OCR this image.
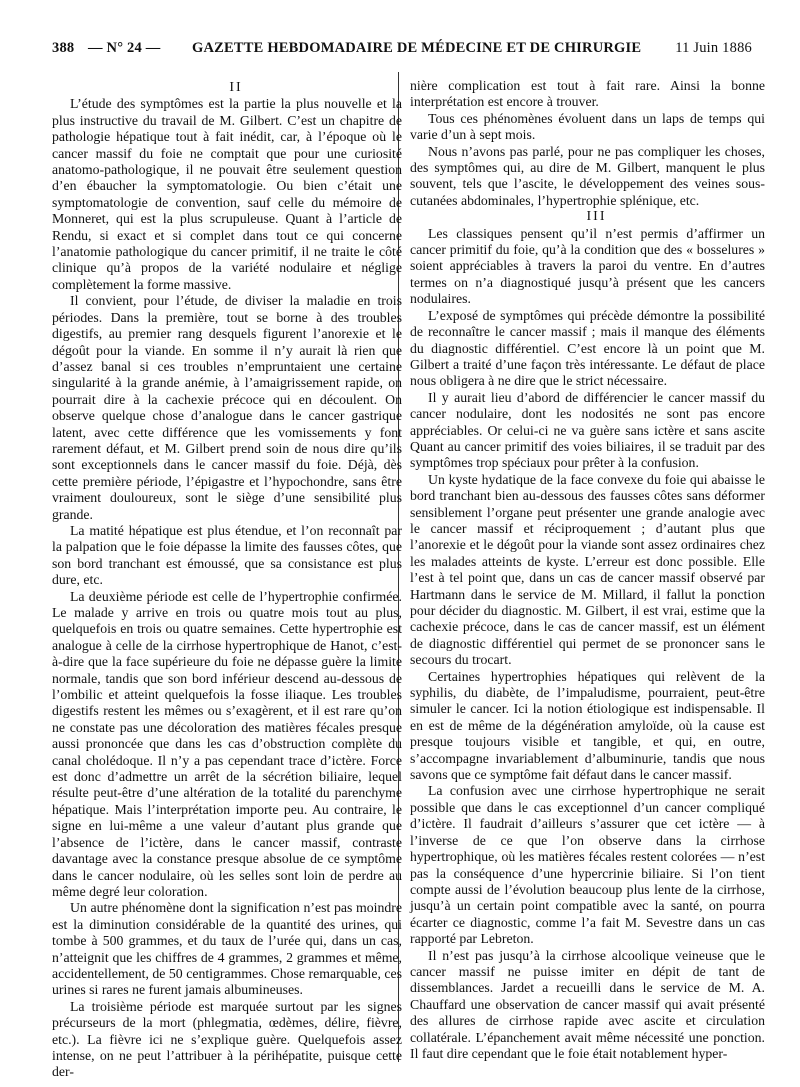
388 — N° 24 — GAZETTE HEBDOMADAIRE DE MÉDECINE ET DE CHIRURGIE 11 Juin 1886

II

L’étude des symptômes est la partie la plus nouvelle et la plus instructive du travail de M. Gilbert. C’est un chapitre de pathologie hépatique tout à fait inédit, car, à l’époque où le cancer massif du foie ne comptait que pour une curiosité anatomo-pathologique, il ne pouvait être seulement question d’en ébaucher la symptomatologie. Ou bien c’était une symptomatologie de convention, sauf celle du mémoire de Monneret, qui est la plus scrupuleuse. Quant à l’article de Rendu, si exact et si complet dans tout ce qui concerne l’anatomie pathologique du cancer primitif, il ne traite le côté clinique qu’à propos de la variété nodulaire et néglige complètement la forme massive.

Il convient, pour l’étude, de diviser la maladie en trois périodes. Dans la première, tout se borne à des troubles digestifs, au premier rang desquels figurent l’anorexie et le dégoût pour la viande. En somme il n’y aurait là rien que d’assez banal si ces troubles n’empruntaient une certaine singularité à la grande anémie, à l’amaigrissement rapide, on pourrait dire à la cachexie précoce qui en découlent. On observe quelque chose d’analogue dans le cancer gastrique latent, avec cette différence que les vomissements y font rarement défaut, et M. Gilbert prend soin de nous dire qu’ils sont exceptionnels dans le cancer massif du foie. Déjà, dès cette première période, l’épigastre et l’hypochondre, sans être vraiment douloureux, sont le siège d’une sensibilité plus grande.

La matité hépatique est plus étendue, et l’on reconnaît par la palpation que le foie dépasse la limite des fausses côtes, que son bord tranchant est émoussé, que sa consistance est plus dure, etc.

La deuxième période est celle de l’hypertrophie confirmée. Le malade y arrive en trois ou quatre mois tout au plus, quelquefois en trois ou quatre semaines. Cette hypertrophie est analogue à celle de la cirrhose hypertrophique de Hanot, c’est-à-dire que la face supérieure du foie ne dépasse guère la limite normale, tandis que son bord inférieur descend au-dessous de l’ombilic et atteint quelquefois la fosse iliaque. Les troubles digestifs restent les mêmes ou s’exagèrent, et il est rare qu’on ne constate pas une décoloration des matières fécales presque aussi prononcée que dans les cas d’obstruction complète du canal cholédoque. Il n’y a pas cependant trace d’ictère. Force est donc d’admettre un arrêt de la sécrétion biliaire, lequel résulte peut-être d’une altération de la totalité du parenchyme hépatique. Mais l’interprétation importe peu. Au contraire, le signe en lui-même a une valeur d’autant plus grande que l’absence de l’ictère, dans le cancer massif, contraste davantage avec la constance presque absolue de ce symptôme dans le cancer nodulaire, où les selles sont loin de perdre au même degré leur coloration.

Un autre phénomène dont la signification n’est pas moindre est la diminution considérable de la quantité des urines, qui tombe à 500 grammes, et du taux de l’urée qui, dans un cas, n’atteignit que les chiffres de 4 grammes, 2 grammes et même, accidentellement, de 50 centigrammes. Chose remarquable, ces urines si rares ne furent jamais albumineuses.

La troisième période est marquée surtout par les signes précurseurs de la mort (phlegmatia, œdèmes, délire, fièvre, etc.). La fièvre ici ne s’explique guère. Quelquefois assez intense, on ne peut l’attribuer à la périhépatite, puisque cette der-

nière complication est tout à fait rare. Ainsi la bonne interprétation est encore à trouver.

Tous ces phénomènes évoluent dans un laps de temps qui varie d’un à sept mois.

Nous n’avons pas parlé, pour ne pas compliquer les choses, des symptômes qui, au dire de M. Gilbert, manquent le plus souvent, tels que l’ascite, le développement des veines sous-cutanées abdominales, l’hypertrophie splénique, etc.

III

Les classiques pensent qu’il n’est permis d’affirmer un cancer primitif du foie, qu’à la condition que des « bosselures » soient appréciables à travers la paroi du ventre. En d’autres termes on n’a diagnostiqué jusqu’à présent que les cancers nodulaires.

L’exposé de symptômes qui précède démontre la possibilité de reconnaître le cancer massif ; mais il manque des éléments du diagnostic différentiel. C’est encore là un point que M. Gilbert a traité d’une façon très intéressante. Le défaut de place nous obligera à ne dire que le strict nécessaire.

Il y aurait lieu d’abord de différencier le cancer massif du cancer nodulaire, dont les nodosités ne sont pas encore appréciables. Or celui-ci ne va guère sans ictère et sans ascite Quant au cancer primitif des voies biliaires, il se traduit par des symptômes trop spéciaux pour prêter à la confusion.

Un kyste hydatique de la face convexe du foie qui abaisse le bord tranchant bien au-dessous des fausses côtes sans déformer sensiblement l’organe peut présenter une grande analogie avec le cancer massif et réciproquement ; d’autant plus que l’anorexie et le dégoût pour la viande sont assez ordinaires chez les malades atteints de kyste. L’erreur est donc possible. Elle l’est à tel point que, dans un cas de cancer massif observé par Hartmann dans le service de M. Millard, il fallut la ponction pour décider du diagnostic. M. Gilbert, il est vrai, estime que la cachexie précoce, dans le cas de cancer massif, est un élément de diagnostic différentiel qui permet de se prononcer sans le secours du trocart.

Certaines hypertrophies hépatiques qui relèvent de la syphilis, du diabète, de l’impaludisme, pourraient, peut-être simuler le cancer. Ici la notion étiologique est indispensable. Il en est de même de la dégénération amyloïde, où la cause est presque toujours visible et tangible, et qui, en outre, s’accompagne invariablement d’albuminurie, tandis que nous savons que ce symptôme fait défaut dans le cancer massif.

La confusion avec une cirrhose hypertrophique ne serait possible que dans le cas exceptionnel d’un cancer compliqué d’ictère. Il faudrait d’ailleurs s’assurer que cet ictère — à l’inverse de ce que l’on observe dans la cirrhose hypertrophique, où les matières fécales restent colorées — n’est pas la conséquence d’une hypercrinie biliaire. Si l’on tient compte aussi de l’évolution beaucoup plus lente de la cirrhose, jusqu’à un certain point compatible avec la santé, on pourra écarter ce diagnostic, comme l’a fait M. Sevestre dans un cas rapporté par Lebreton.

Il n’est pas jusqu’à la cirrhose alcoolique veineuse que le cancer massif ne puisse imiter en dépit de tant de dissemblances. Jardet a recueilli dans le service de M. A. Chauffard une observation de cancer massif qui avait présenté des allures de cirrhose rapide avec ascite et circulation collatérale. L’épanchement avait même nécessité une ponction. Il faut dire cependant que le foie était notablement hyper-
